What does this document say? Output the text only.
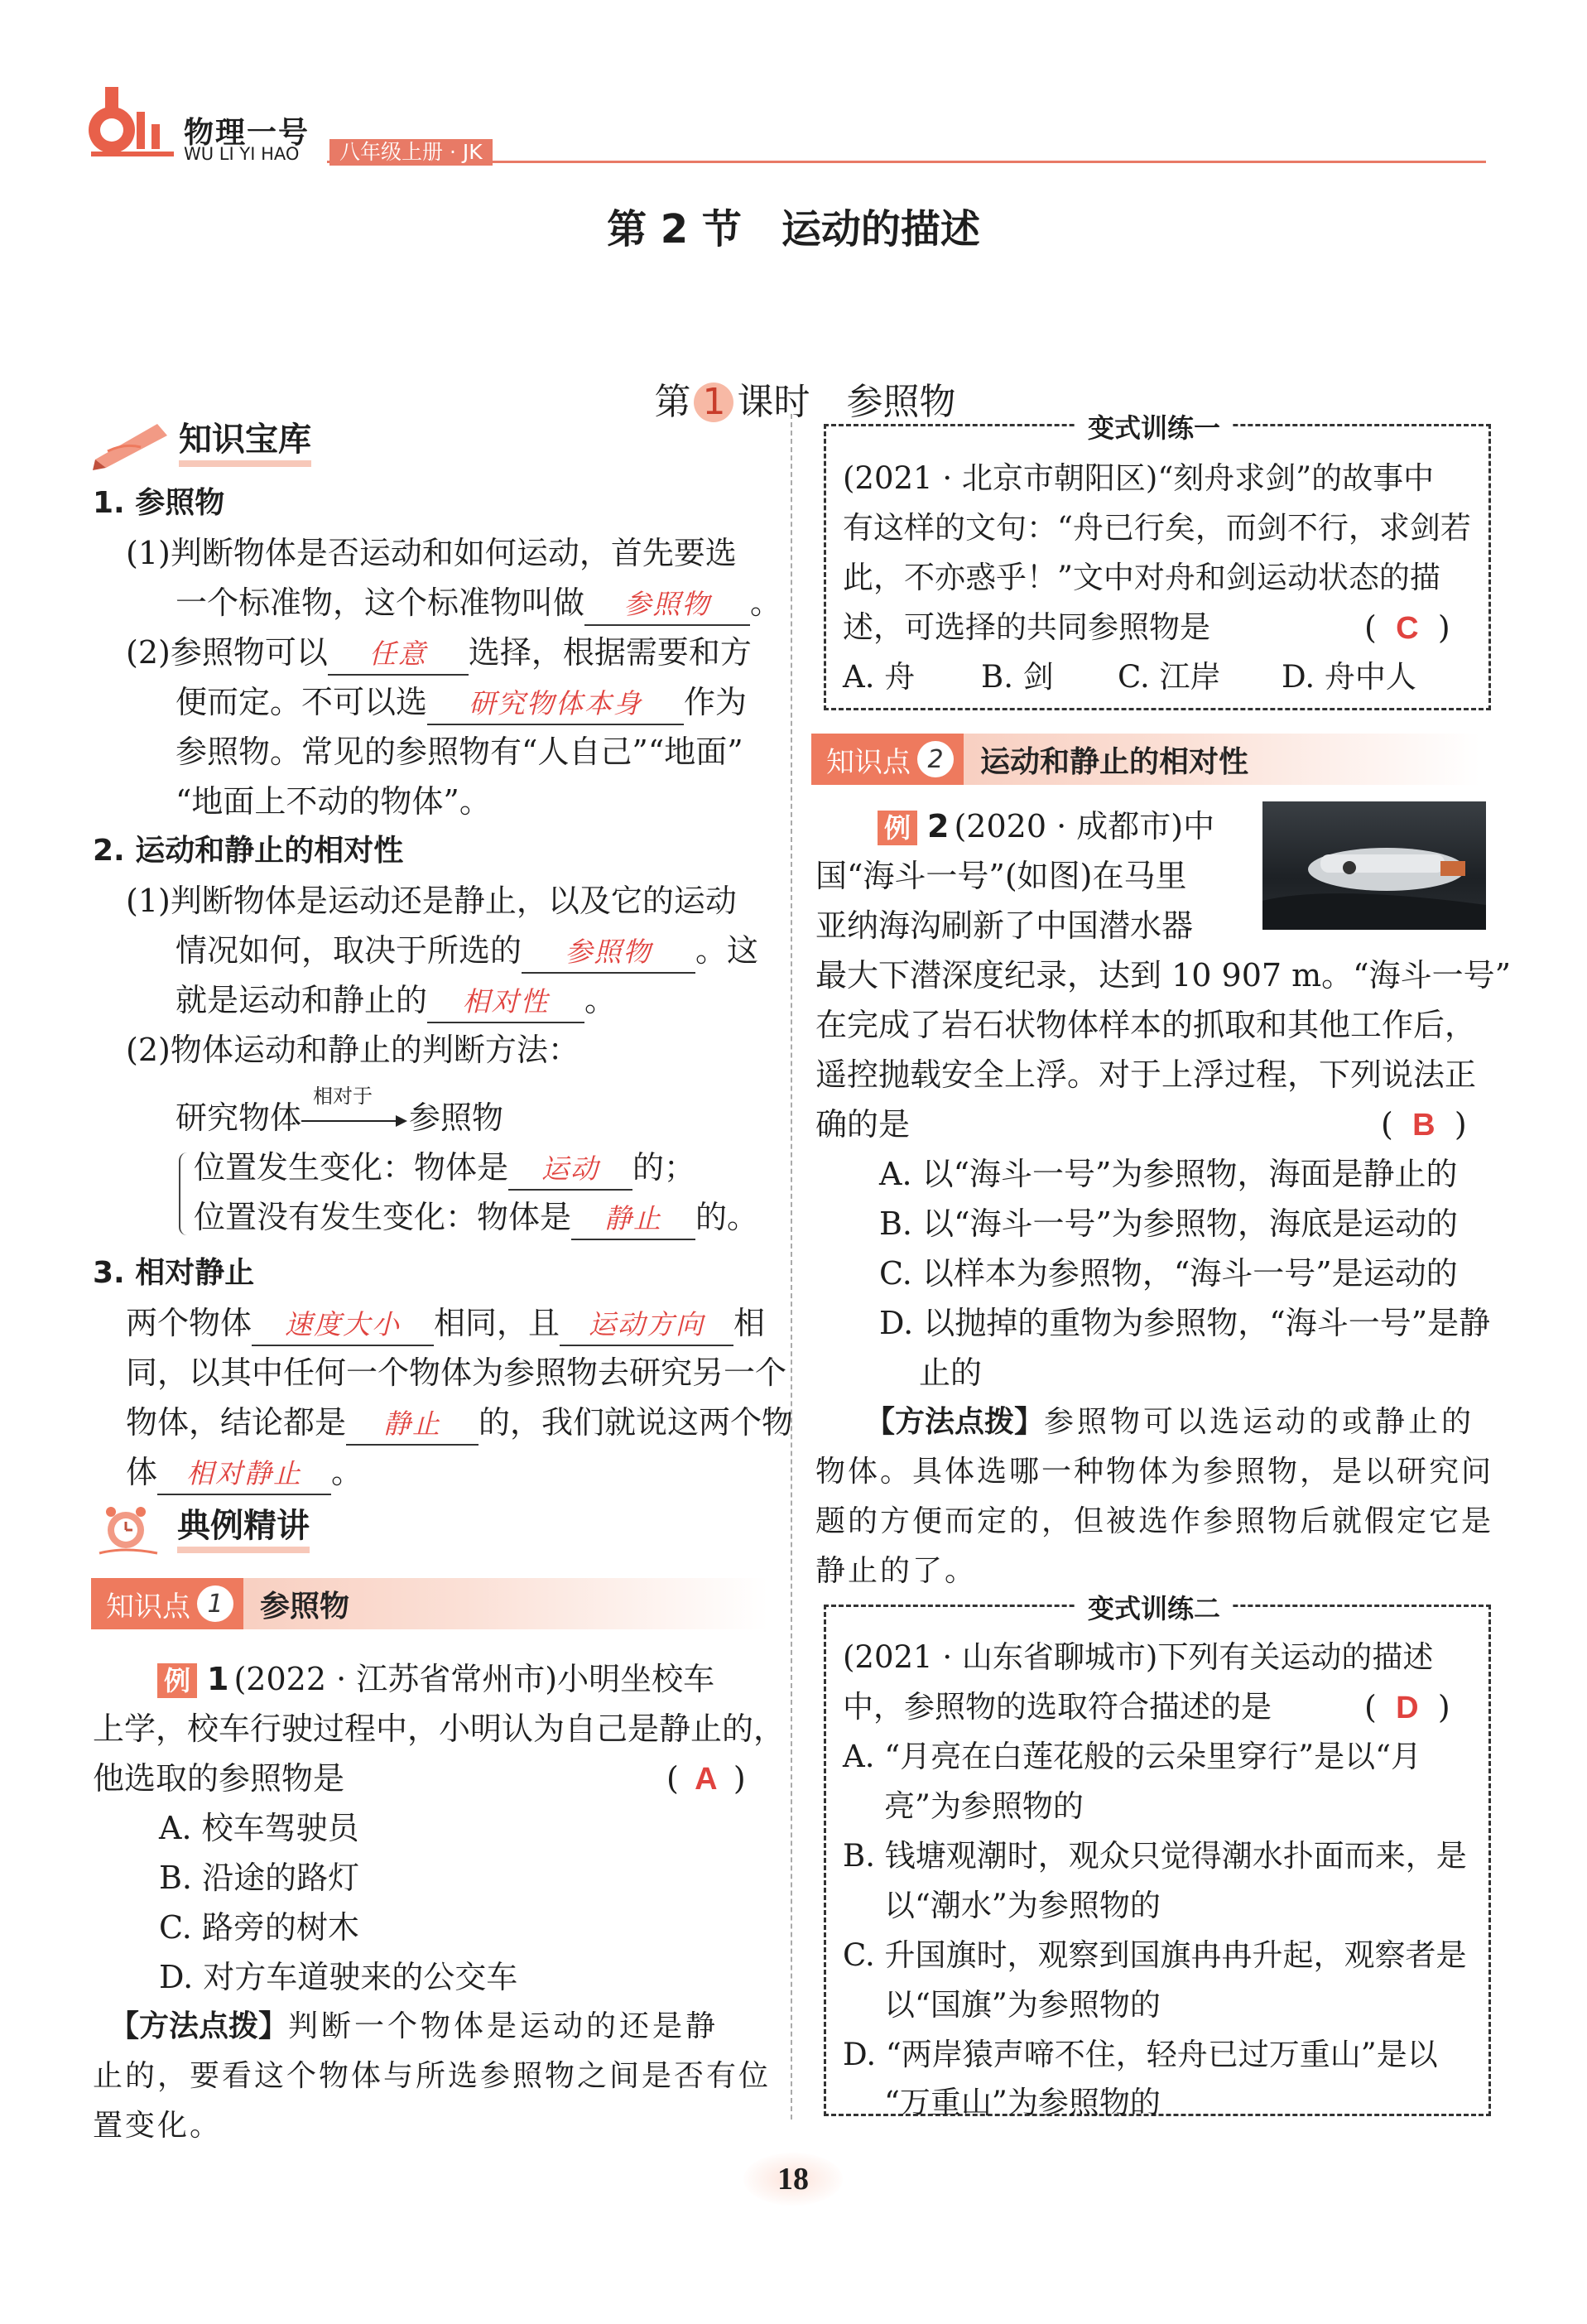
物理一号
WU LI YI HAO	八年级上册 · JK
第 2 节　运动的描述

第 1 课时　参照物

知识宝库
1. 参照物
(1)判断物体是否运动和如何运动，首先要选
一个标准物，这个标准物叫做 参照物 。
(2)参照物可以 任意 选择，根据需要和方
便而定。不可以选 研究物体本身 作为
参照物。常见的参照物有“人自己”“地面”
“地面上不动的物体”。
2. 运动和静止的相对性
(1)判断物体是运动还是静止，以及它的运动
情况如何，取决于所选的 参照物 。这
就是运动和静止的 相对性 。
(2)物体运动和静止的判断方法：
研究物体
相对于
参照物
位置发生变化：物体是 运动 的；
位置没有发生变化：物体是 静止 的。
3. 相对静止
两个物体 速度大小 相同，且 运动方向 相
同，以其中任何一个物体为参照物去研究另一个
物体，结论都是 静止 的，我们就说这两个物
体 相对静止 。
典例精讲
知识点 1	参照物
例 1 (2022 · 江苏省常州市)小明坐校车
上学，校车行驶过程中，小明认为自己是静止的，
他选取的参照物是	( A )
A. 校车驾驶员
B. 沿途的路灯
C. 路旁的树木
D. 对方车道驶来的公交车
【方法点拨】判断一个物体是运动的还是静
止的，要看这个物体与所选参照物之间是否有位
置变化。
变式训练一
(2021 · 北京市朝阳区)“刻舟求剑”的故事中
有这样的文句：“舟已行矣，而剑不行，求剑若
此，不亦惑乎！”文中对舟和剑运动状态的描
述，可选择的共同参照物是	( C )
A. 舟 B. 剑 C. 江岸 D. 舟中人
知识点 2	运动和静止的相对性
例 2 (2020 · 成都市)中
国“海斗一号”(如图)在马里
亚纳海沟刷新了中国潜水器
最大下潜深度纪录，达到 10 907 m。“海斗一号”
在完成了岩石状物体样本的抓取和其他工作后，
遥控抛载安全上浮。对于上浮过程，下列说法正
确的是	( B )
A. 以“海斗一号”为参照物，海面是静止的
B. 以“海斗一号”为参照物，海底是运动的
C. 以样本为参照物，“海斗一号”是运动的
D. 以抛掉的重物为参照物，“海斗一号”是静
止的
【方法点拨】参照物可以选运动的或静止的
物体。具体选哪一种物体为参照物，是以研究问
题的方便而定的，但被选作参照物后就假定它是
静止的了。
变式训练二
(2021 · 山东省聊城市)下列有关运动的描述
中，参照物的选取符合描述的是	( D )
A. “月亮在白莲花般的云朵里穿行”是以“月
亮”为参照物的
B. 钱塘观潮时，观众只觉得潮水扑面而来，是
以“潮水”为参照物的
C. 升国旗时，观察到国旗冉冉升起，观察者是
以“国旗”为参照物的
D. “两岸猿声啼不住，轻舟已过万重山”是以
“万重山”为参照物的
18
